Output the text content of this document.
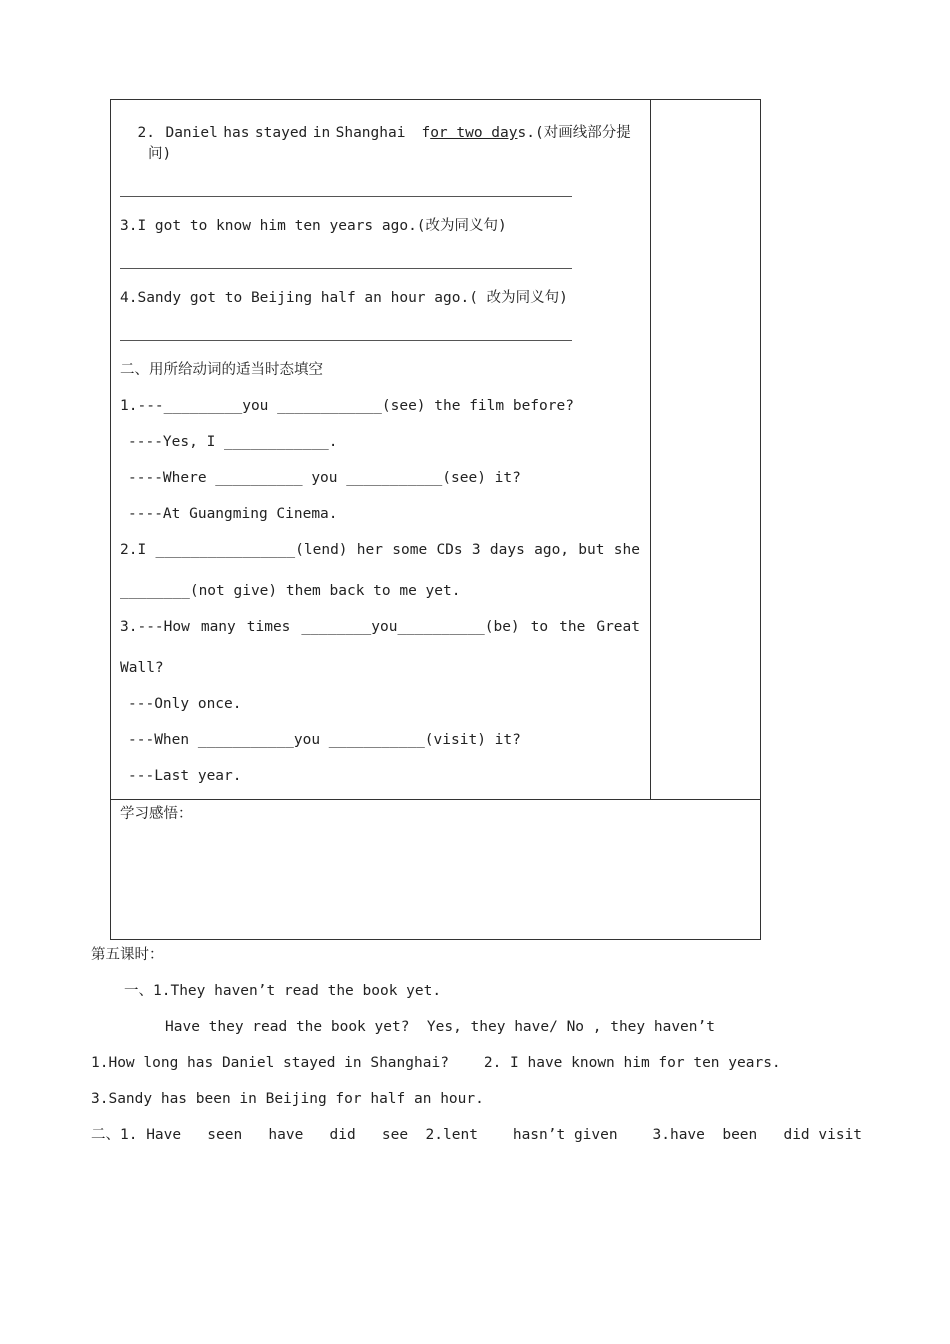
2. Daniel has stayed in Shanghai for two days.(对画线部分提

问)
3.I got to know him ten years ago.(改为同义句)
4.Sandy got to Beijing half an hour ago.( 改为同义句)
二、用所给动词的适当时态填空
1.---_________you ____________(see) the film before?
----Yes, I ____________.
----Where __________ you ___________(see) it?
----At Guangming Cinema.
2.I ________________(lend) her some CDs 3 days ago, but she
________(not give) them back to me yet.
3.---How many times ________you__________(be) to the Great
Wall?
---Only once.
---When ___________you ___________(visit) it?
---Last year.
学习感悟：
第五课时：
一、1.They haven’t read the book yet.
Have they read the book yet?  Yes, they have/ No , they haven’t
1.How long has Daniel stayed in Shanghai?    2. I have known him for ten years.
3.Sandy has been in Beijing for half an hour.
二、1. Have   seen   have   did   see  2.lent    hasn’t given    3.have  been   did visit
